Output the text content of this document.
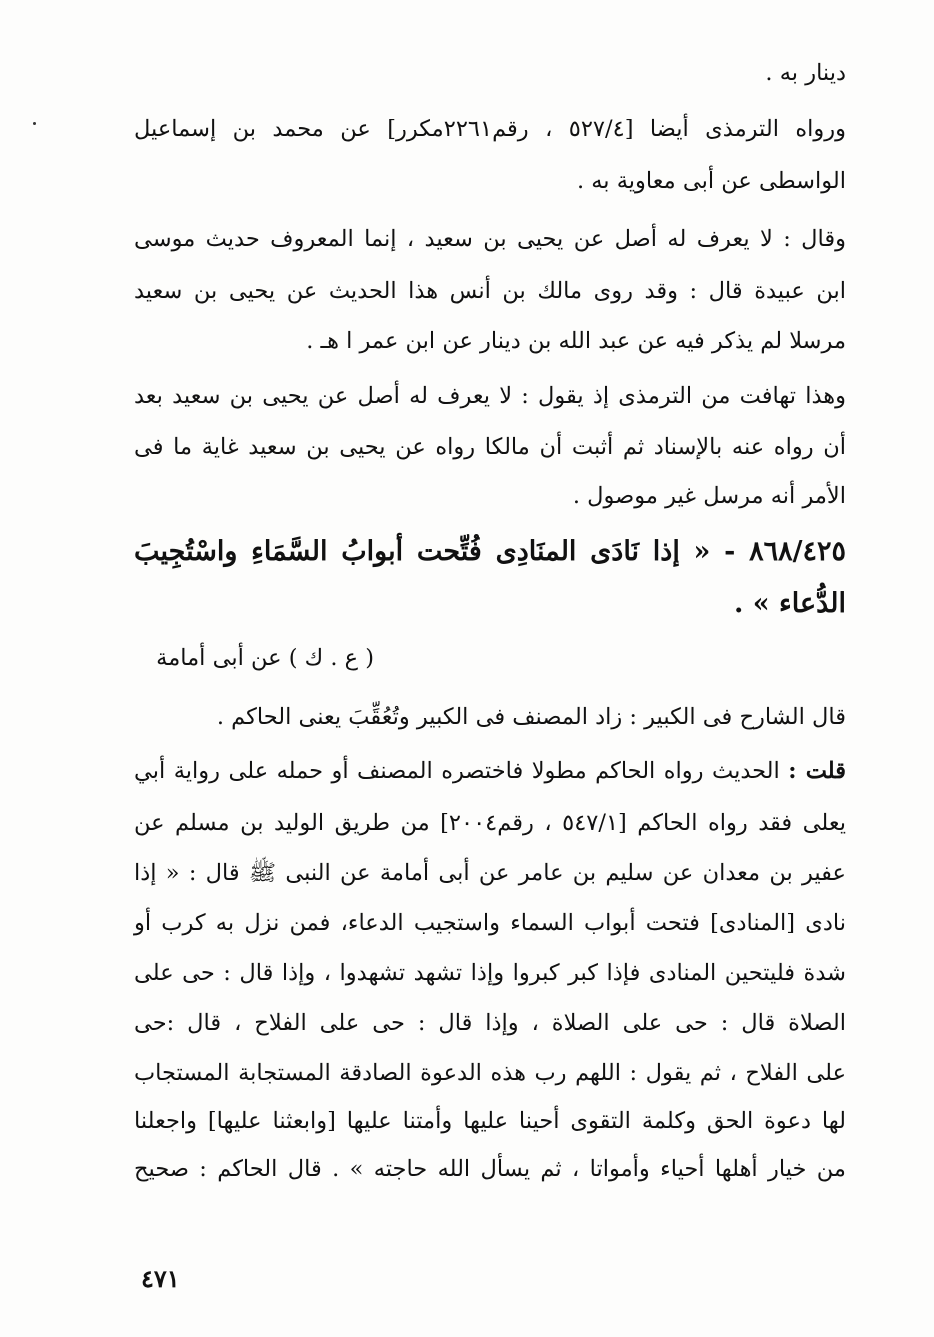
دينار به .
ورواه الترمذى أيضا [٥٢٧/٤ ، رقم٢٢٦١مكرر] عن محمد بن إسماعيل
الواسطى عن أبى معاوية به .
وقال : لا يعرف له أصل عن يحيى بن سعيد ، إنما المعروف حديث موسى
ابن عبيدة قال : وقد روى مالك بن أنس هذا الحديث عن يحيى بن سعيد
مرسلا لم يذكر فيه عن عبد الله بن دينار عن ابن عمر ا هـ .
وهذا تهافت من الترمذى إذ يقول : لا يعرف له أصل عن يحيى بن سعيد بعد
أن رواه عنه بالإسناد ثم أثبت أن مالكا رواه عن يحيى بن سعيد غاية ما فى
الأمر أنه مرسل غير موصول .
٨٦٨/٤٢٥ - « إذا نَادَى المنَادِى فُتِّحت أبوابُ السَّمَاءِ واسْتُجِيبَ
الدُّعاء » .
( ع . ك ) عن أبى أمامة
قال الشارح فى الكبير : زاد المصنف فى الكبير وتُعُقِّبَ يعنى الحاكم .
قلت : الحديث رواه الحاكم مطولا فاختصره المصنف أو حمله على رواية أبي
يعلى فقد رواه الحاكم [٥٤٧/١ ، رقم٢٠٠٤] من طريق الوليد بن مسلم عن
عفير بن معدان عن سليم بن عامر عن أبى أمامة عن النبى ﷺ قال : « إذا
نادى [المنادى] فتحت أبواب السماء واستجيب الدعاء، فمن نزل به كرب أو
شدة فليتحين المنادى فإذا كبر كبروا وإذا تشهد تشهدوا ، وإذا قال : حى على
الصلاة قال : حى على الصلاة ، وإذا قال : حى على الفلاح ، قال :حى
على الفلاح ، ثم يقول : اللهم رب هذه الدعوة الصادقة المستجابة المستجاب
لها دعوة الحق وكلمة التقوى أحينا عليها وأمتنا عليها [وابعثنا عليها] واجعلنا
من خيار أهلها أحياء وأمواتا ، ثم يسأل الله حاجته » . قال الحاكم : صحيح
٤٧١
